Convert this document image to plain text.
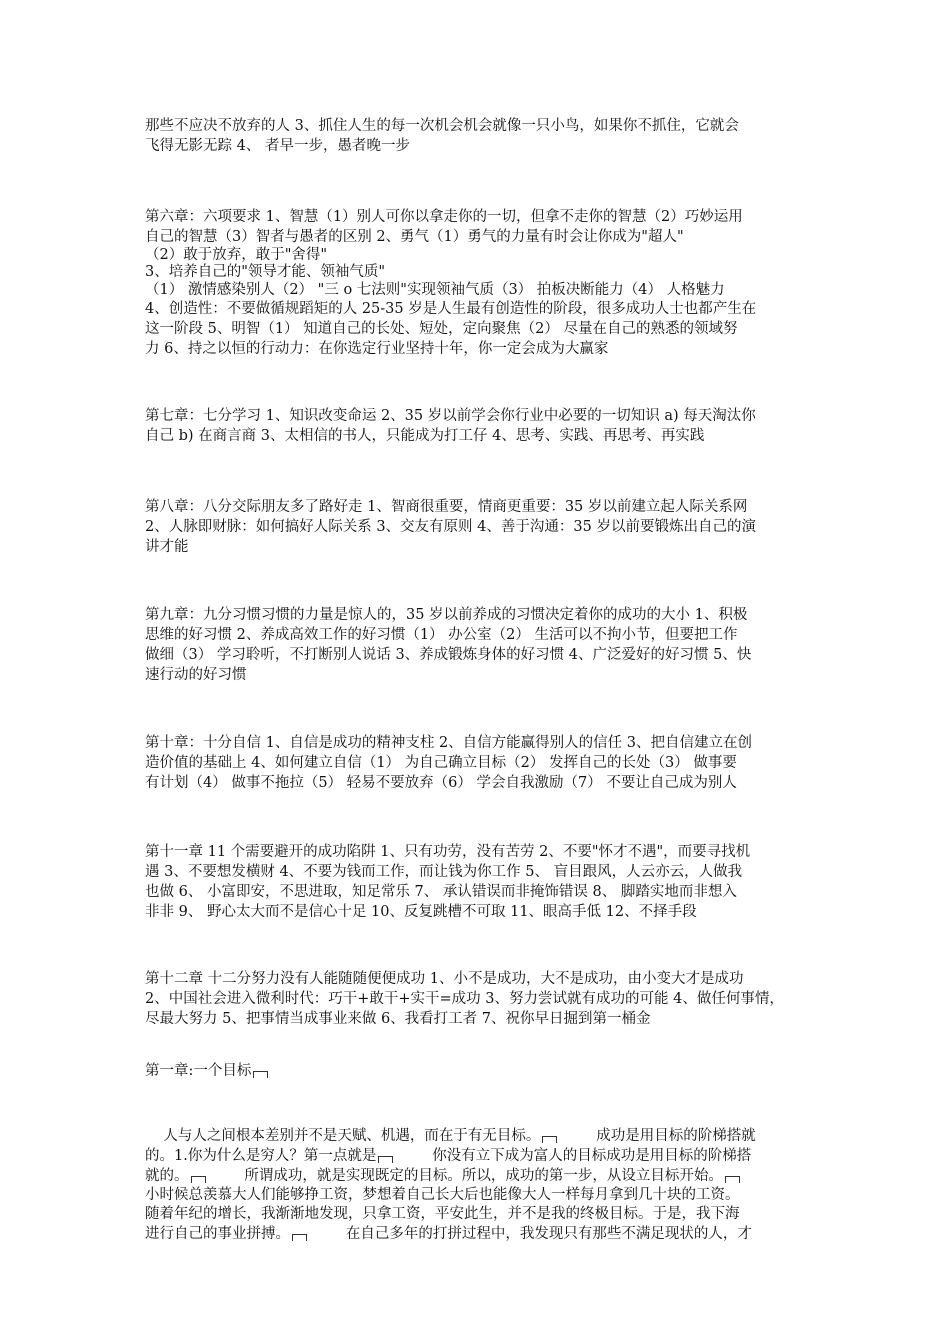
那些不应决不放弃的人 3、抓住人生的每一次机会机会就像一只小鸟，如果你不抓住，它就会
飞得无影无踪 4、 者早一步，愚者晚一步
第六章：六项要求 1、智慧（1）别人可你以拿走你的一切，但拿不走你的智慧（2）巧妙运用
自己的智慧（3）智者与愚者的区别 2、勇气（1）勇气的力量有时会让你成为"超人"
（2）敢于放弃，敢于"舍得"
3、培养自己的"领导才能、领袖气质"
（1） 激情感染别人（2） "三 o 七法则"实现领袖气质（3） 拍板决断能力（4） 人格魅力
4、创造性：不要做循规蹈矩的人 25-35 岁是人生最有创造性的阶段，很多成功人士也都产生在
这一阶段 5、明智（1） 知道自己的长处、短处，定向聚焦（2） 尽量在自己的熟悉的领域努
力 6、持之以恒的行动力：在你选定行业坚持十年，你一定会成为大赢家
第七章：七分学习 1、知识改变命运 2、35 岁以前学会你行业中必要的一切知识 a) 每天淘汰你
自己 b) 在商言商 3、太相信的书人，只能成为打工仔 4、思考、实践、再思考、再实践
第八章：八分交际朋友多了路好走 1、智商很重要，情商更重要：35 岁以前建立起人际关系网
2、人脉即财脉：如何搞好人际关系 3、交友有原则 4、善于沟通：35 岁以前要锻炼出自己的演
讲才能
第九章：九分习惯习惯的力量是惊人的，35 岁以前养成的习惯决定着你的成功的大小 1、积极
思维的好习惯 2、养成高效工作的好习惯（1） 办公室（2） 生活可以不拘小节，但要把工作
做细（3） 学习聆听，不打断别人说话 3、养成锻炼身体的好习惯 4、广泛爱好的好习惯 5、快
速行动的好习惯
第十章：十分自信 1、自信是成功的精神支柱 2、自信方能赢得别人的信任 3、把自信建立在创
造价值的基础上 4、如何建立自信（1） 为自己确立目标（2） 发挥自己的长处（3） 做事要
有计划（4） 做事不拖拉（5） 轻易不要放弃（6） 学会自我激励（7） 不要让自己成为别人
第十一章 11 个需要避开的成功陷阱 1、只有功劳，没有苦劳 2、不要"怀才不遇"，而要寻找机
遇 3、不要想发横财 4、不要为钱而工作，而让钱为你工作 5、 盲目跟风，人云亦云，人做我
也做 6、 小富即安，不思进取，知足常乐 7、 承认错误而非掩饰错误 8、 脚踏实地而非想入
非非 9、 野心太大而不是信心十足 10、反复跳槽不可取 11、眼高手低 12、不择手段
第十二章 十二分努力没有人能随随便便成功 1、小不是成功，大不是成功，由小变大才是成功
2、中国社会进入微利时代：巧干+敢干+实干=成功 3、努力尝试就有成功的可能 4、做任何事情，
尽最大努力 5、把事情当成事业来做 6、我看打工者 7、祝你早日掘到第一桶金
第一章:一个目标
人与人之间根本差别并不是天赋、机遇，而在于有无目标。        成功是用目标的阶梯搭就
的。1.你为什么是穷人？第一点就是        你没有立下成为富人的目标成功是用目标的阶梯搭
就的。        所谓成功，就是实现既定的目标。所以，成功的第一步，从设立目标开始。
小时候总羡慕大人们能够挣工资，梦想着自己长大后也能像大人一样每月拿到几十块的工资。
随着年纪的增长，我渐渐地发现，只拿工资，平安此生，并不是我的终极目标。于是，我下海
进行自己的事业拼搏。        在自己多年的打拼过程中，我发现只有那些不满足现状的人，才
